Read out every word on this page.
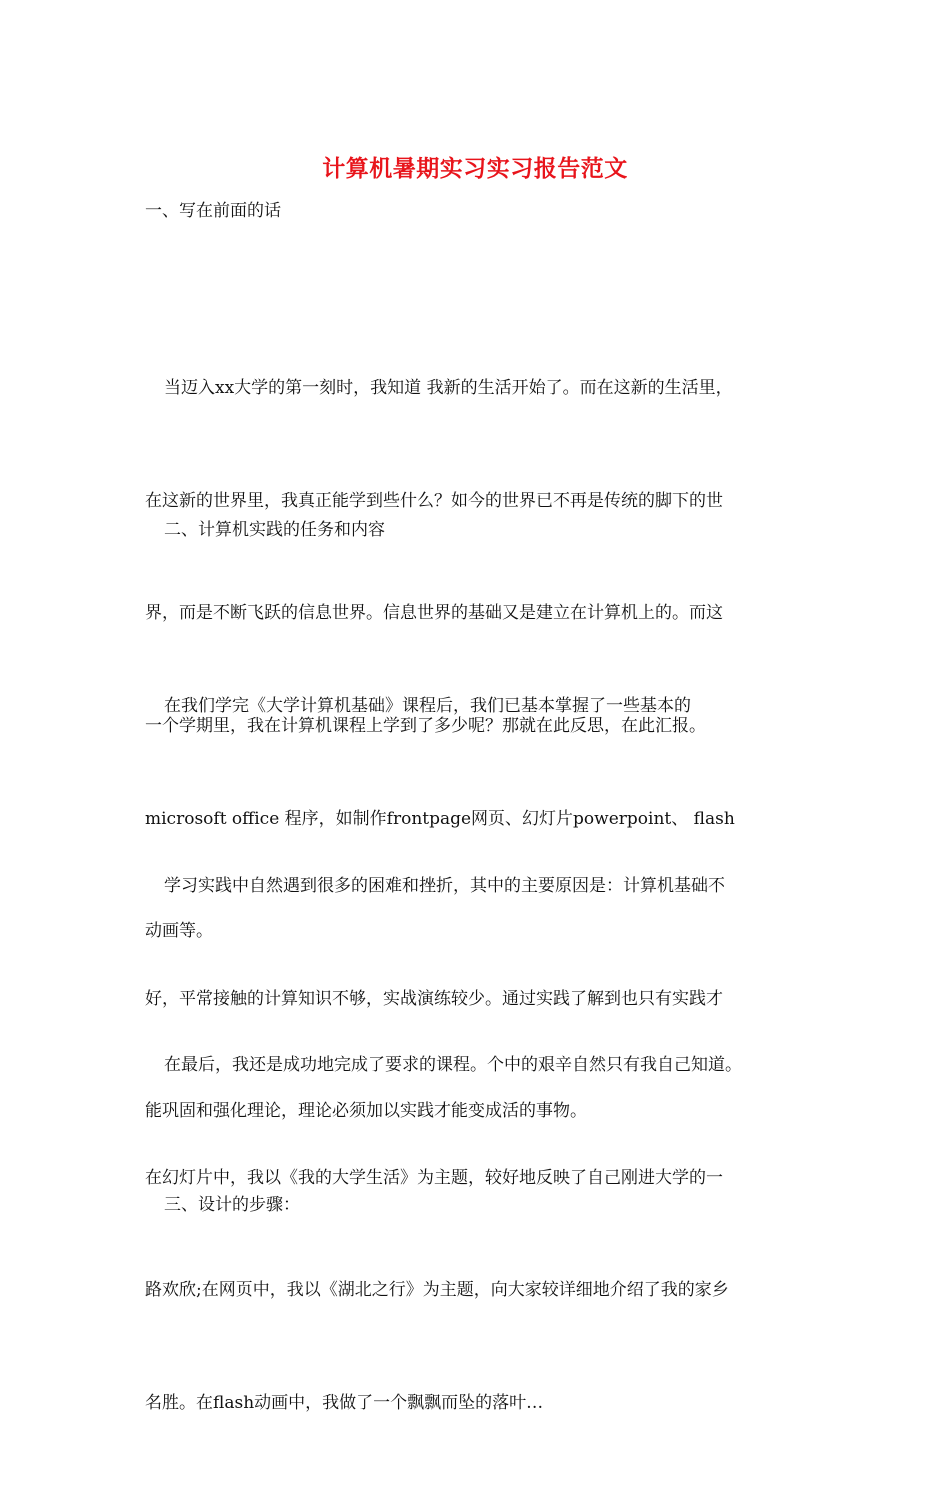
计算机暑期实习实习报告范文
一、写在前面的话

当迈入xx大学的第一刻时，我知道 我新的生活开始了。而在这新的生活里，

在这新的世界里，我真正能学到些什么？如今的世界已不再是传统的脚下的世

界，而是不断飞跃的信息世界。信息世界的基础又是建立在计算机上的。而这

一个学期里，我在计算机课程上学到了多少呢？那就在此反思，在此汇报。

二、计算机实践的任务和内容

在我们学完《大学计算机基础》课程后，我们已基本掌握了一些基本的

microsoft office 程序，如制作frontpage网页、幻灯片powerpoint、 flash

动画等。

学习实践中自然遇到很多的困难和挫折，其中的主要原因是：计算机基础不

好，平常接触的计算知识不够，实战演练较少。通过实践了解到也只有实践才

能巩固和强化理论，理论必须加以实践才能变成活的事物。

在最后，我还是成功地完成了要求的课程。个中的艰辛自然只有我自己知道。

在幻灯片中，我以《我的大学生活》为主题，较好地反映了自己刚进大学的一

路欢欣;在网页中，我以《湖北之行》为主题，向大家较详细地介绍了我的家乡

名胜。在flash动画中，我做了一个飘飘而坠的落叶…

三、设计的步骤：
